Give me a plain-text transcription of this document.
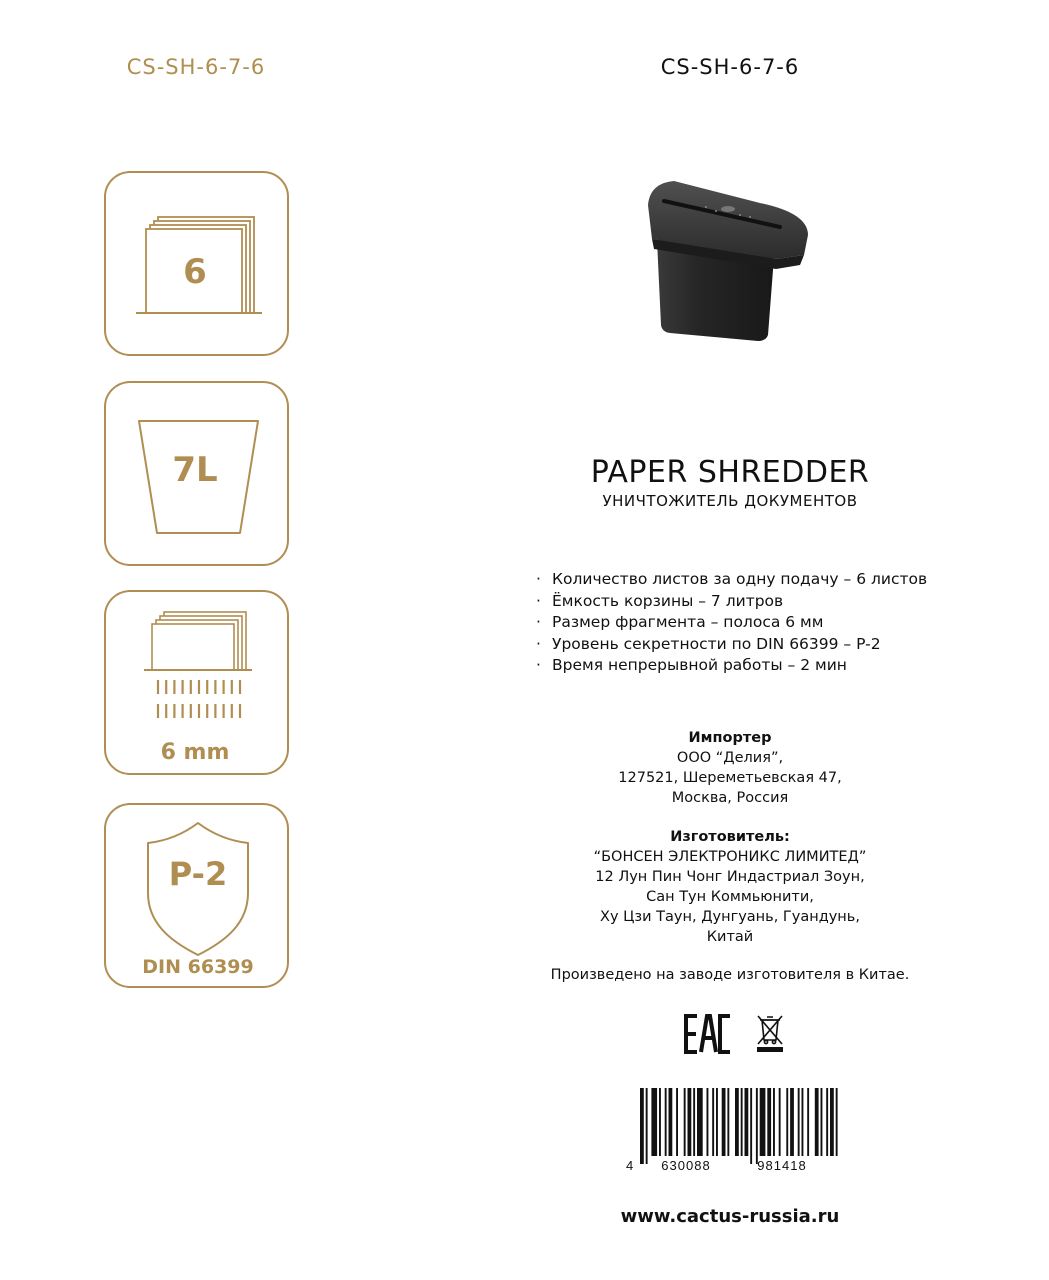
CS-SH-6-7-6	CS-SH-6-7-6
6
7L
6 mm
P-2
DIN 66399
PAPER SHREDDER
УНИЧТОЖИТЕЛЬ ДОКУМЕНТОВ
· Количество листов за одну подачу – 6 листов
· Ёмкость корзины – 7 литров
· Размер фрагмента – полоса 6 мм
· Уровень секретности по DIN 66399 – P-2
· Время непрерывной работы – 2 мин
Импортер
ООО “Делия”,
127521, Шереметьевская 47,
Москва, Россия
Изготовитель:
“БОНСЕН ЭЛЕКТРОНИКС ЛИМИТЕД”
12 Лун Пин Чонг Индастриал Зоун,
Сан Тун Коммьюнити,
Ху Цзи Таун, Дунгуань, Гуандунь,
Китай
Произведено на заводе изготовителя в Китае.
4 630088	981418
www.cactus-russia.ru
